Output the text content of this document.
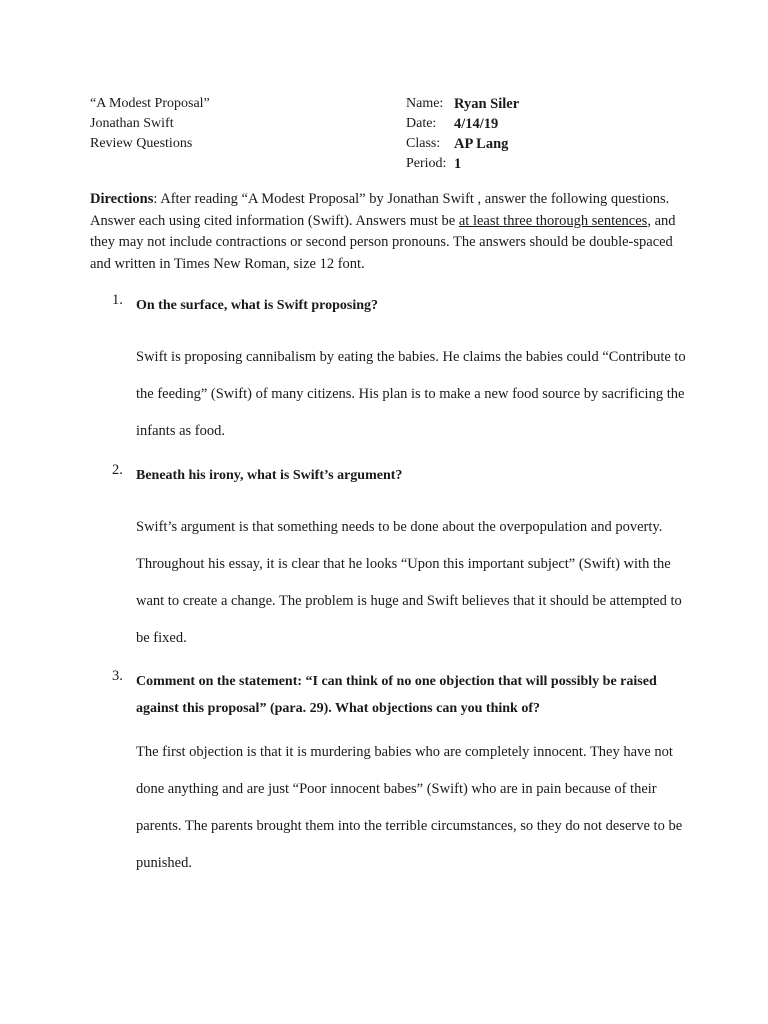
“A Modest Proposal”
Jonathan Swift
Review Questions
Name: Ryan Siler
Date:	4/14/19
Class: AP Lang
Period: 1
Directions: After reading “A Modest Proposal” by Jonathan Swift , answer the following questions. Answer each using cited information (Swift). Answers must be at least three thorough sentences, and they may not include contractions or second person pronouns. The answers should be double-spaced and written in Times New Roman, size 12 font.
1. On the surface, what is Swift proposing?
Swift is proposing cannibalism by eating the babies. He claims the babies could “Contribute to the feeding” (Swift) of many citizens. His plan is to make a new food source by sacrificing the infants as food.
2. Beneath his irony, what is Swift’s argument?
Swift’s argument is that something needs to be done about the overpopulation and poverty. Throughout his essay, it is clear that he looks “Upon this important subject” (Swift) with the want to create a change. The problem is huge and Swift believes that it should be attempted to be fixed.
3. Comment on the statement: “I can think of no one objection that will possibly be raised against this proposal” (para. 29). What objections can you think of?
The first objection is that it is murdering babies who are completely innocent. They have not done anything and are just “Poor innocent babes” (Swift) who are in pain because of their parents. The parents brought them into the terrible circumstances, so they do not deserve to be punished.
